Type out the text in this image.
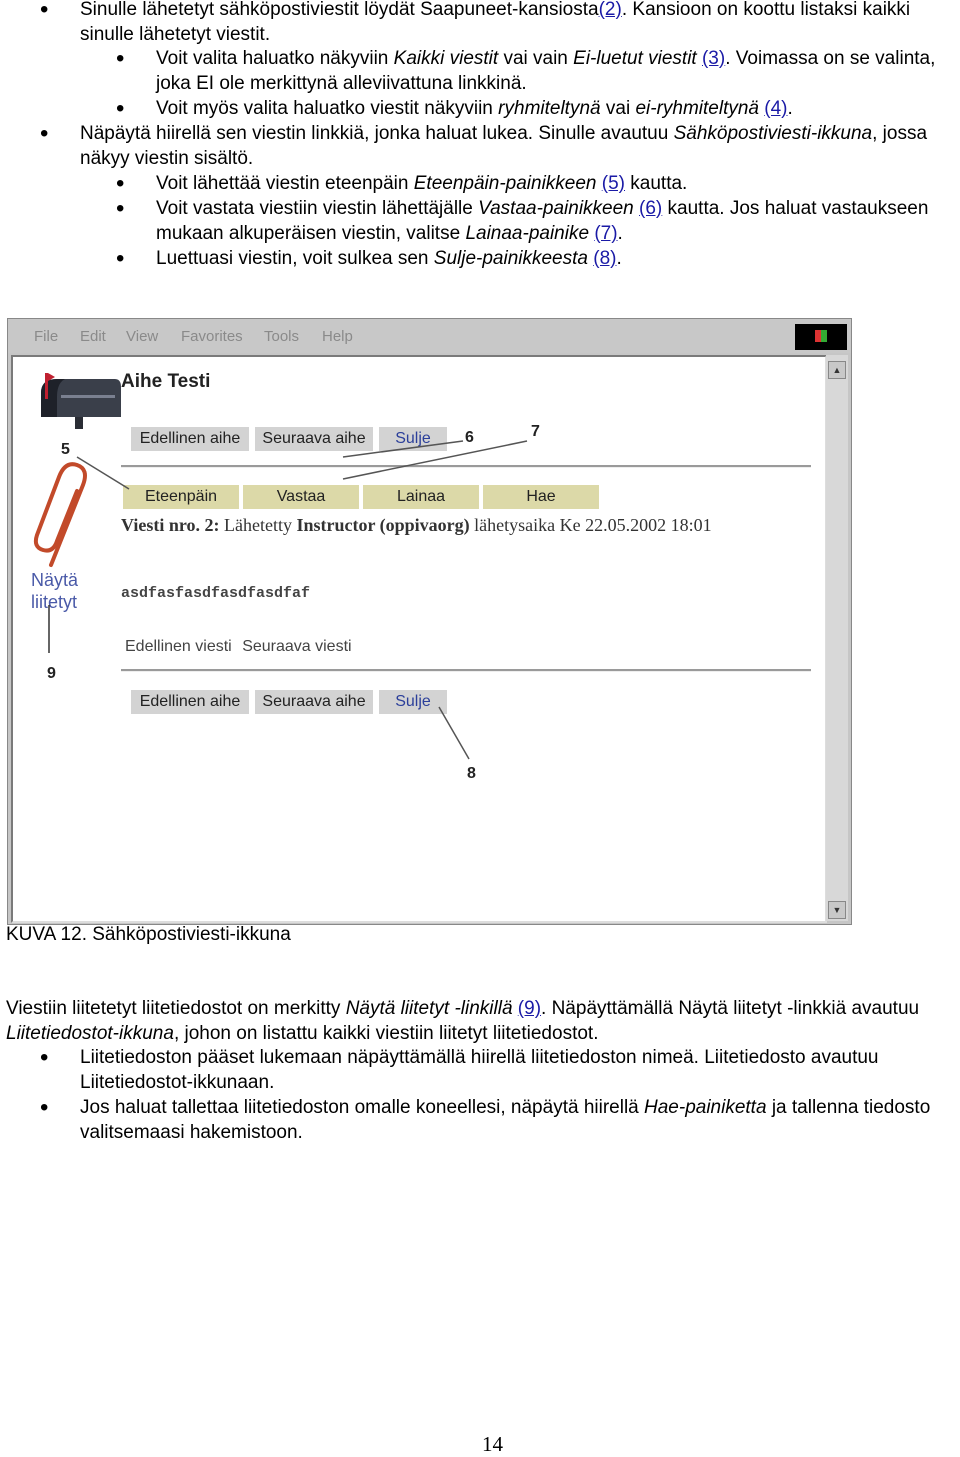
• Sinulle lähetetyt sähköpostiviestit löydät Saapuneet-kansiosta(2). Kansioon on koottu listaksi kaikki sinulle lähetetyt viestit.
• Voit valita haluatko näkyviin Kaikki viestit vai vain Ei-luetut viestit (3). Voimassa on se valinta, joka EI ole merkittynä alleviivattuna linkkinä.
• Voit myös valita haluatko viestit näkyviin ryhmiteltynä vai ei-ryhmiteltynä (4).
• Näpäytä hiirellä sen viestin linkkiä, jonka haluat lukea. Sinulle avautuu Sähköpostiviesti-ikkuna, jossa näkyy viestin sisältö.
• Voit lähettää viestin eteenpäin Eteenpäin-painikkeen (5) kautta.
• Voit vastata viestiin viestin lähettäjälle Vastaa-painikkeen (6) kautta. Jos haluat vastaukseen mukaan alkuperäisen viestin, valitse Lainaa-painike (7).
• Luettuasi viestin, voit sulkea sen Sulje-painikkeesta (8).
File Edit View Favorites Tools Help
Aihe Testi
Edellinen aihe	Seuraava aihe	Sulje	6	7
5
Eteenpäin	Vastaa	Lainaa	Hae
Viesti nro. 2: Lähetetty Instructor (oppivaorg) lähetysaika Ke 22.05.2002 18:01
Näytä
liitetyt
9
asdfasfasdfasdfasdfaf
Edellinen viesti Seuraava viesti
Edellinen aihe	Seuraava aihe	Sulje
8
▲
▼
KUVA 12. Sähköpostiviesti-ikkuna

Viestiin liitetetyt liitetiedostot on merkitty Näytä liitetyt -linkillä (9). Näpäyttämällä Näytä liitetyt -linkkiä avautuu Liitetiedostot-ikkuna, johon on listattu kaikki viestiin liitetyt liitetiedostot.

• Liitetiedoston pääset lukemaan näpäyttämällä hiirellä liitetiedoston nimeä. Liitetiedosto avautuu Liitetiedostot-ikkunaan.
• Jos haluat tallettaa liitetiedoston omalle koneellesi, näpäytä hiirellä Hae-painiketta ja tallenna tiedosto valitsemaasi hakemistoon.
14
